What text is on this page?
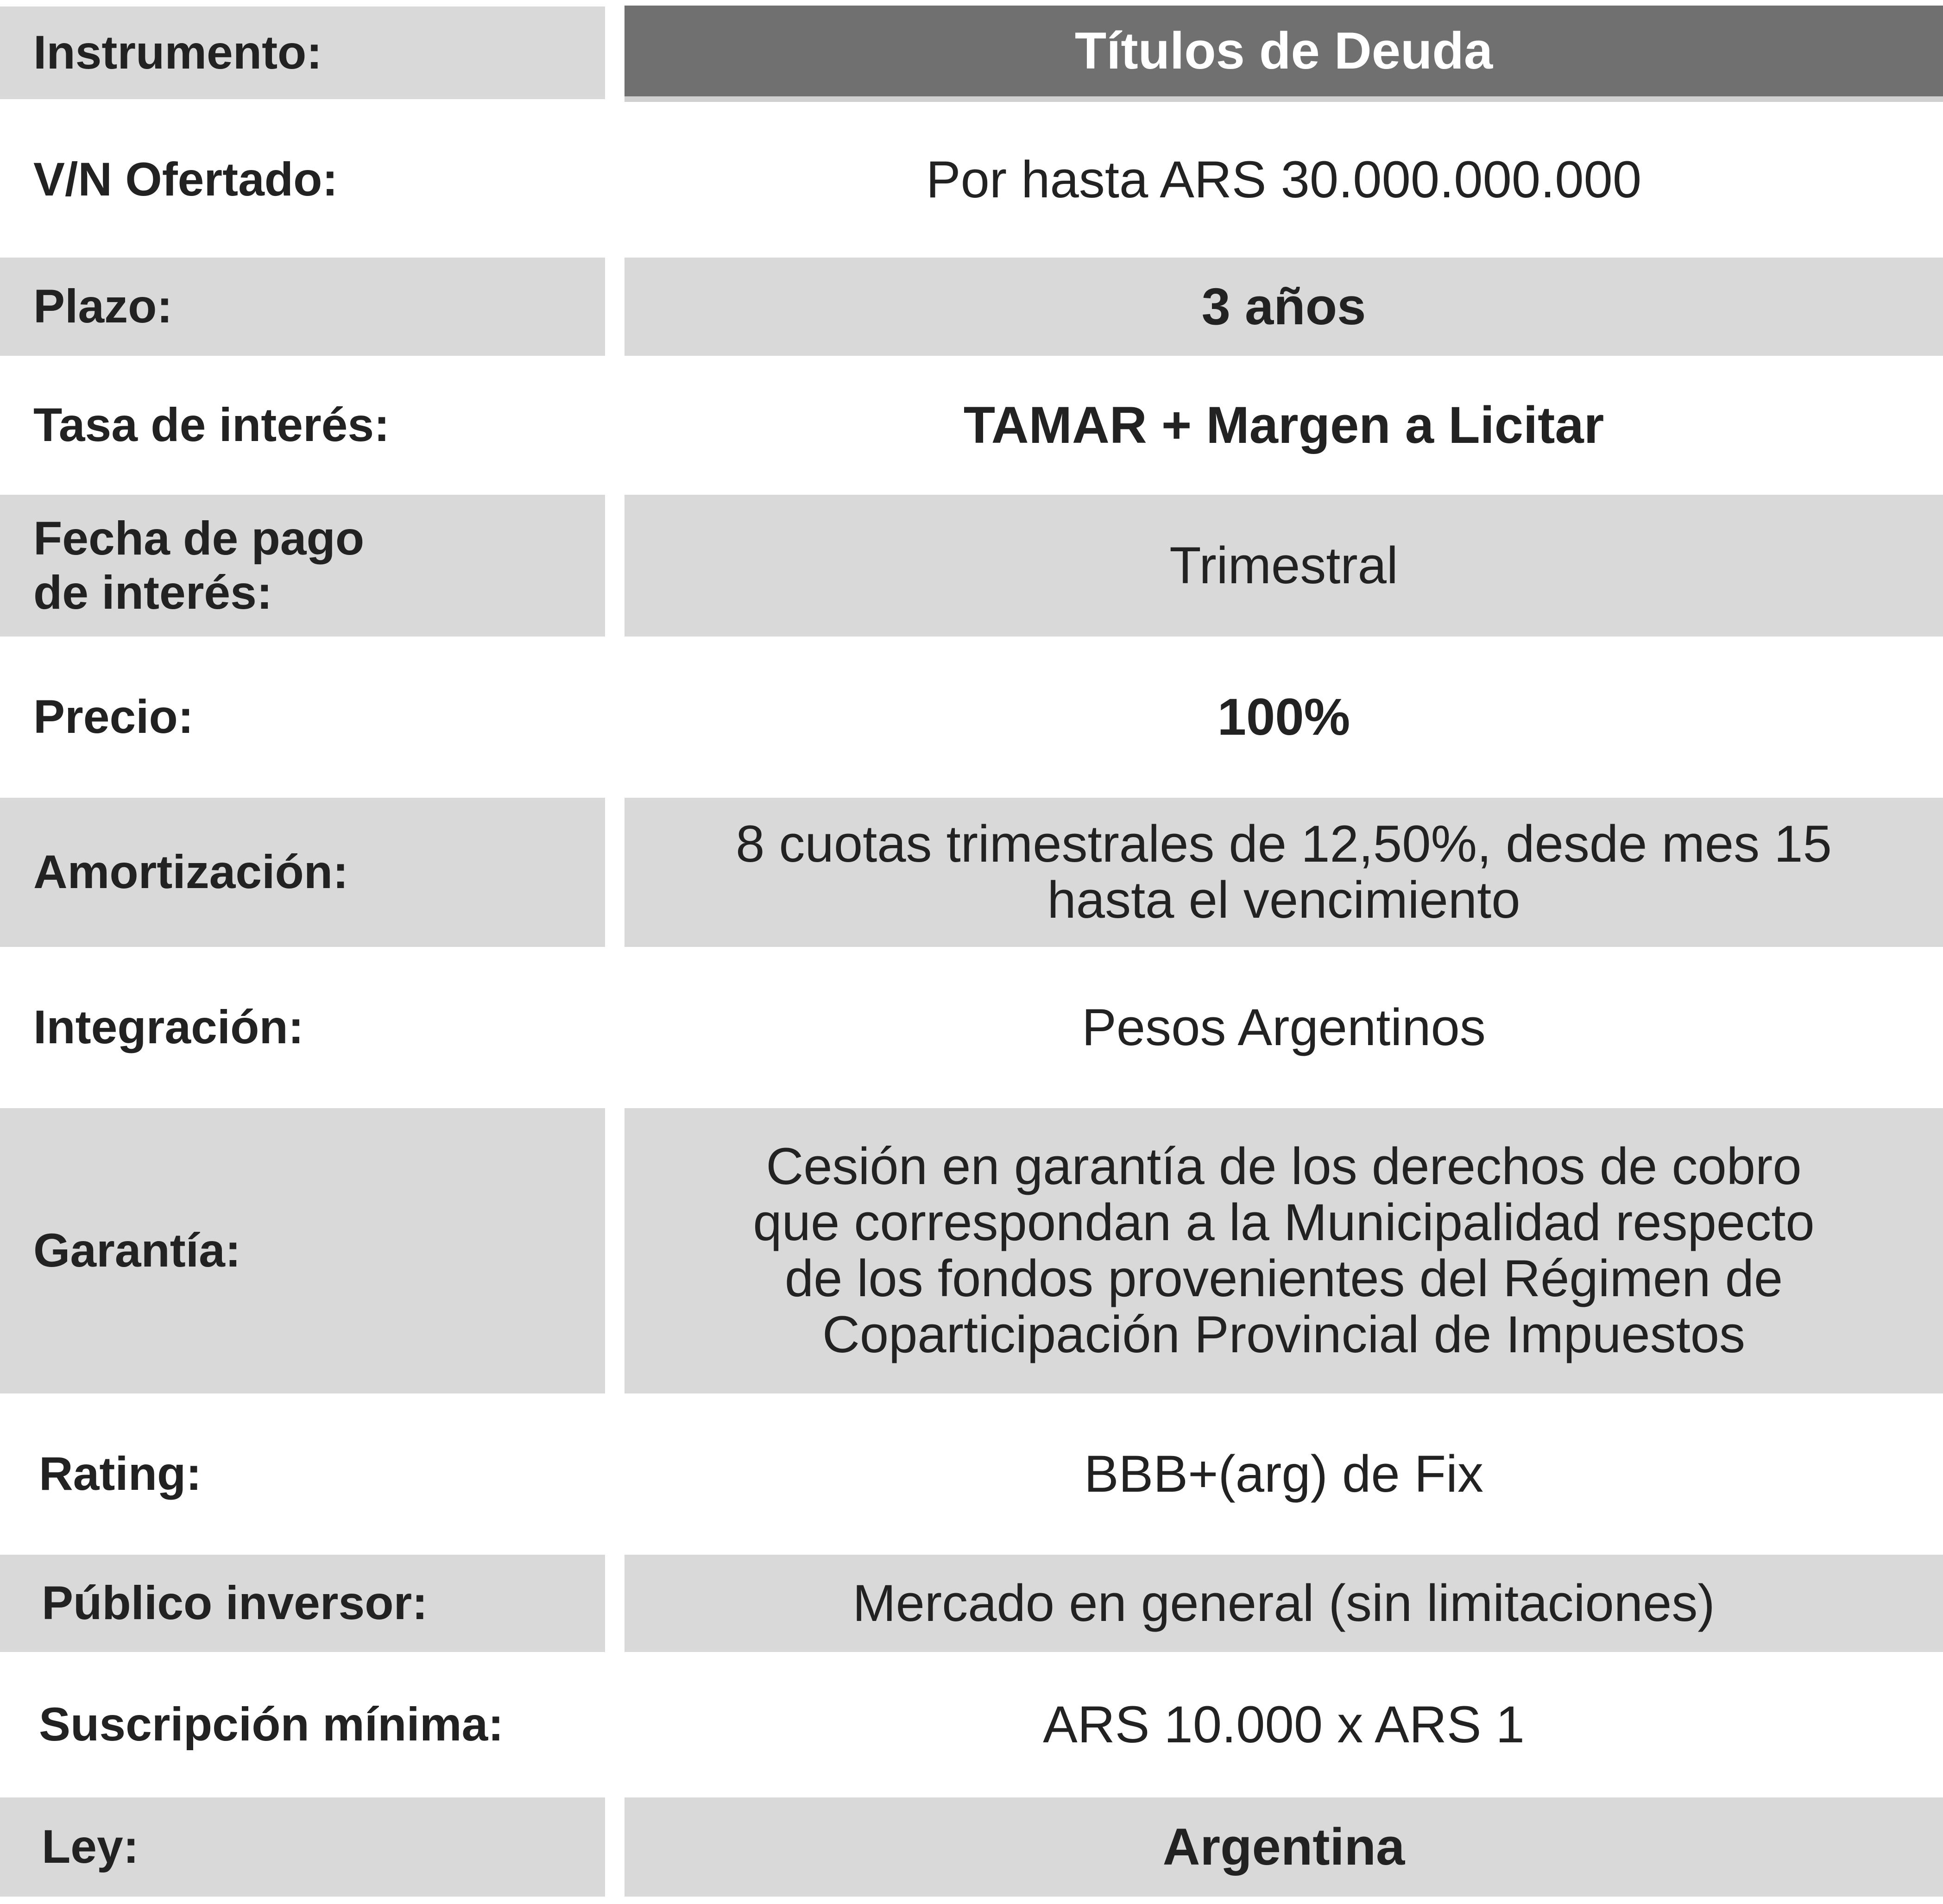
Instrumento:	Títulos de Deuda
V/N Ofertado:	Por hasta ARS 30.000.000.000
Plazo:	3 años
Tasa de interés:	TAMAR + Margen a Licitar
Fecha de pago
de interés:	Trimestral
Precio:	100%
Amortización:	8 cuotas trimestrales de 12,50%, desde mes 15
hasta el vencimiento
Integración:	Pesos Argentinos
Garantía:
Cesión en garantía de los derechos de cobro
que correspondan a la Municipalidad respecto
de los fondos provenientes del Régimen de
Coparticipación Provincial de Impuestos
Rating:	BBB+(arg) de Fix
Público inversor:	Mercado en general (sin limitaciones)
Suscripción mínima:	ARS 10.000 x ARS 1
Ley:	Argentina
